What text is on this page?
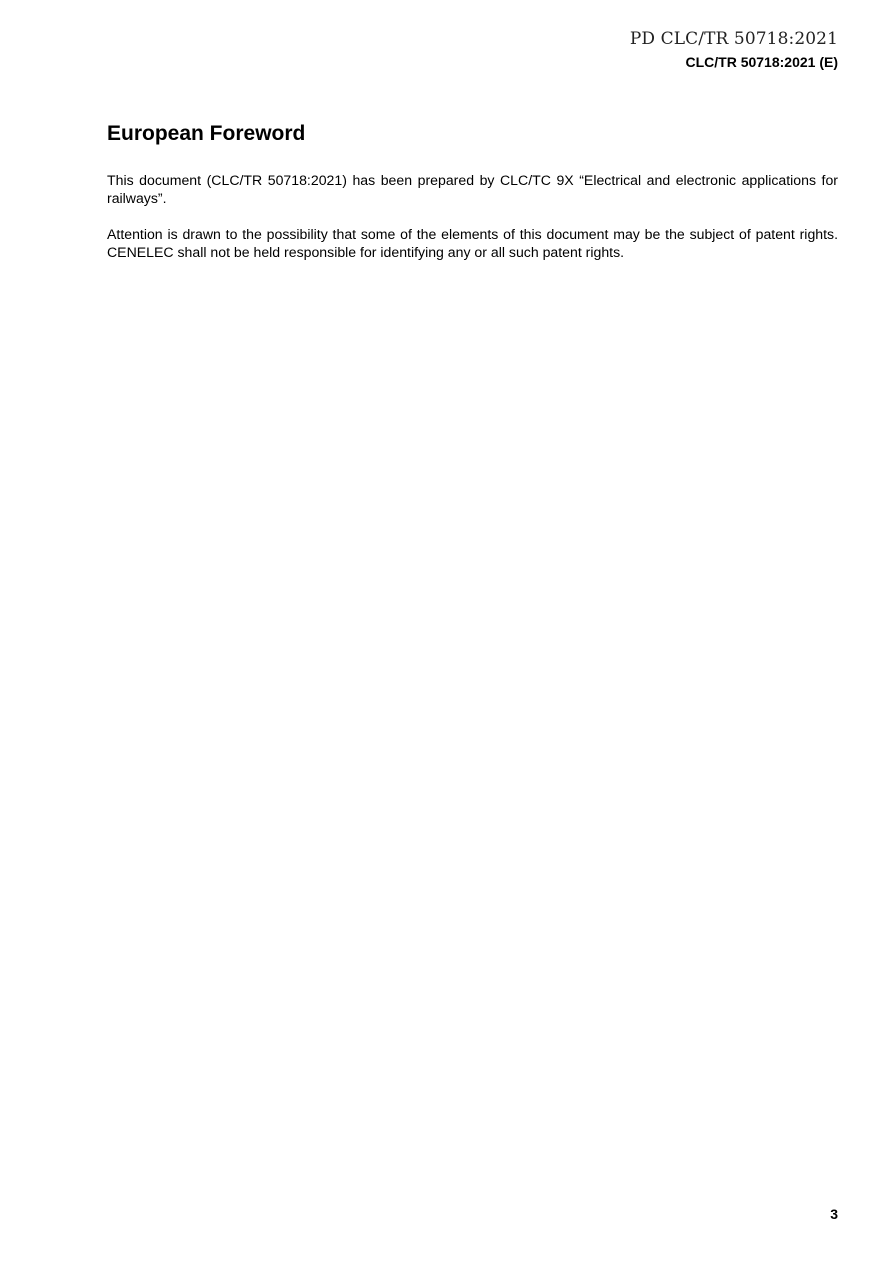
PD CLC/TR 50718:2021
CLC/TR 50718:2021 (E)
European Foreword

This document (CLC/TR 50718:2021) has been prepared by CLC/TC 9X “Electrical and electronic applications for railways”.

Attention is drawn to the possibility that some of the elements of this document may be the subject of patent rights. CENELEC shall not be held responsible for identifying any or all such patent rights.

3
